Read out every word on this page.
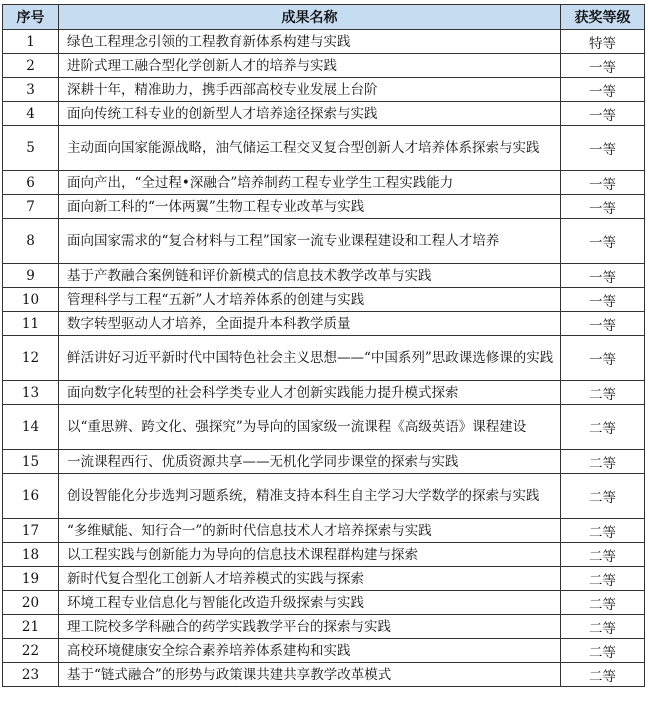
序号	成果名称	获奖等级
1	绿色工程理念引领的工程教育新体系构建与实践	特等
2	进阶式理工融合型化学创新人才的培养与实践	一等
3	深耕十年，精准助力，携手西部高校专业发展上台阶	一等
4	面向传统工科专业的创新型人才培养途径探索与实践	一等
5	主动面向国家能源战略，油气储运工程交叉复合型创新人才培养体系探索与实践	一等
6	面向产出，“全过程•深融合”培养制药工程专业学生工程实践能力	一等
7	面向新工科的“一体两翼”生物工程专业改革与实践	一等
8	面向国家需求的“复合材料与工程”国家一流专业课程建设和工程人才培养	一等
9	基于产教融合案例链和评价新模式的信息技术教学改革与实践	一等
10	管理科学与工程“五新”人才培养体系的创建与实践	一等
11	数字转型驱动人才培养，全面提升本科教学质量	一等
12	鲜活讲好习近平新时代中国特色社会主义思想——“中国系列”思政课选修课的实践	一等
13	面向数字化转型的社会科学类专业人才创新实践能力提升模式探索	二等
14	以“重思辨、跨文化、强探究”为导向的国家级一流课程《高级英语》课程建设	二等
15	一流课程西行、优质资源共享——无机化学同步课堂的探索与实践	二等
16	创设智能化分步选判习题系统，精准支持本科生自主学习大学数学的探索与实践	二等
17	“多维赋能、知行合一”的新时代信息技术人才培养探索与实践	二等
18	以工程实践与创新能力为导向的信息技术课程群构建与探索	二等
19	新时代复合型化工创新人才培养模式的实践与探索	二等
20	环境工程专业信息化与智能化改造升级探索与实践	二等
21	理工院校多学科融合的药学实践教学平台的探索与实践	二等
22	高校环境健康安全综合素养培养体系建构和实践	二等
23	基于“链式融合”的形势与政策课共建共享教学改革模式	二等
